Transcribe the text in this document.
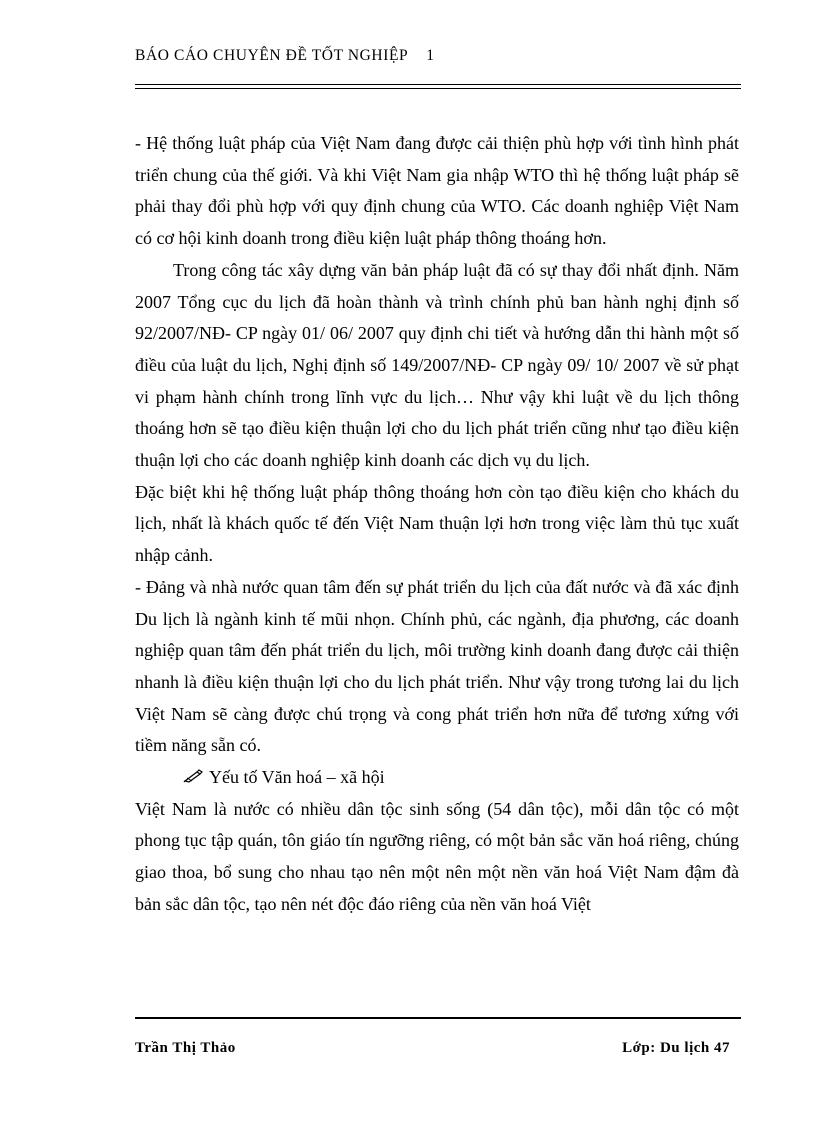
BÁO CÁO CHUYÊN ĐỀ TỐT NGHIỆP 1

- Hệ thống luật pháp của Việt Nam đang được cải thiện phù hợp với tình hình phát triển chung của thế giới. Và khi Việt Nam gia nhập WTO thì hệ thống luật pháp sẽ phải thay đổi phù hợp với quy định chung của WTO. Các doanh nghiệp Việt Nam có cơ hội kinh doanh trong điều kiện luật pháp thông thoáng hơn.

Trong công tác xây dựng văn bản pháp luật đã có sự thay đổi nhất định. Năm 2007 Tổng cục du lịch đã hoàn thành và trình chính phủ ban hành nghị định số 92/2007/NĐ- CP ngày 01/ 06/ 2007 quy định chi tiết và hướng dẫn thi hành một số điều của luật du lịch, Nghị định số 149/2007/NĐ- CP ngày 09/ 10/ 2007 về sử phạt vi phạm hành chính trong lĩnh vực du lịch… Như vậy khi luật về du lịch thông thoáng hơn sẽ tạo điều kiện thuận lợi cho du lịch phát triển cũng như tạo điều kiện thuận lợi cho các doanh nghiệp kinh doanh các dịch vụ du lịch.

Đặc biệt khi hệ thống luật pháp thông thoáng hơn còn tạo điều kiện cho khách du lịch, nhất là khách quốc tế đến Việt Nam thuận lợi hơn trong việc làm thủ tục xuất nhập cảnh.

- Đảng và nhà nước quan tâm đến sự phát triển du lịch của đất nước và đã xác định Du lịch là ngành kinh tế mũi nhọn. Chính phủ, các ngành, địa phương, các doanh nghiệp quan tâm đến phát triển du lịch, môi trường kinh doanh đang được cải thiện nhanh là điều kiện thuận lợi cho du lịch phát triển. Như vậy trong tương lai du lịch Việt Nam sẽ càng được chú trọng và cong phát triển hơn nữa để tương xứng với tiềm năng sẵn có.

Yếu tố Văn hoá – xã hội

Việt Nam là nước có nhiều dân tộc sinh sống (54 dân tộc), mỗi dân tộc có một phong tục tập quán, tôn giáo tín ngưỡng riêng, có một bản sắc văn hoá riêng, chúng giao thoa, bổ sung cho nhau tạo nên một nên một nền văn hoá Việt Nam đậm đà bản sắc dân tộc, tạo nên nét độc đáo riêng của nền văn hoá Việt

Trần Thị Thảo	Lớp: Du lịch 47
